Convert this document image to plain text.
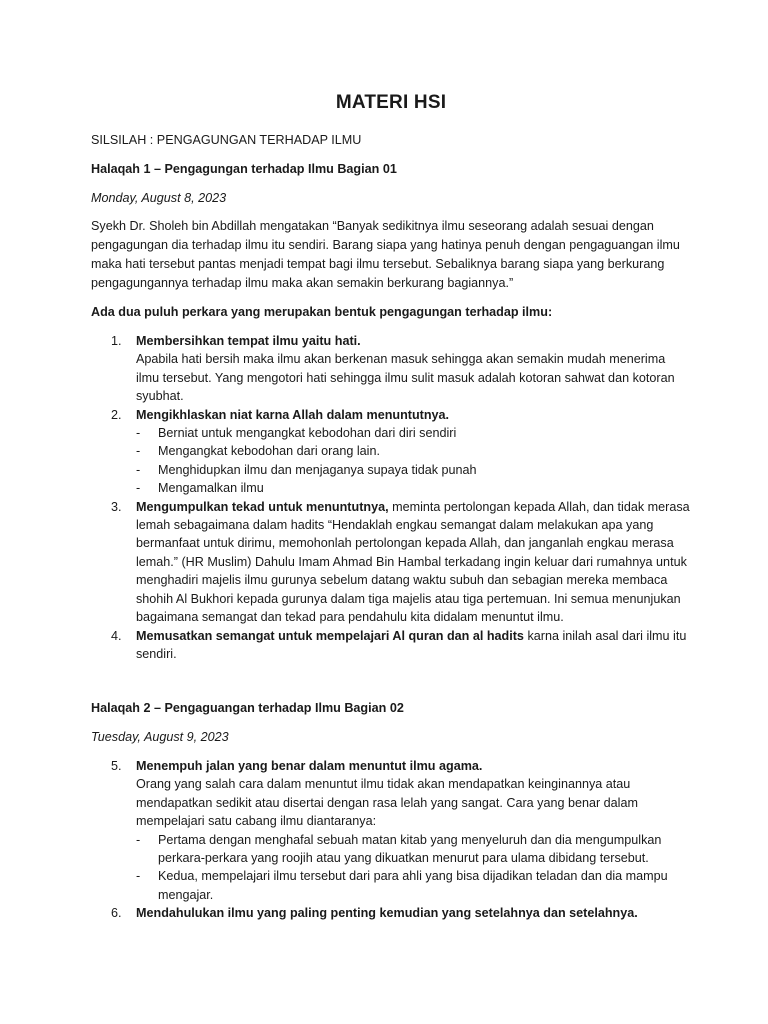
MATERI HSI

SILSILAH : PENGAGUNGAN TERHADAP ILMU

Halaqah 1 – Pengagungan terhadap Ilmu Bagian 01

Monday, August 8, 2023

Syekh Dr. Sholeh bin Abdillah mengatakan “Banyak sedikitnya ilmu seseorang adalah sesuai dengan pengagungan dia terhadap ilmu itu sendiri. Barang siapa yang hatinya penuh dengan pengaguangan ilmu maka hati tersebut pantas menjadi tempat bagi ilmu tersebut. Sebaliknya barang siapa yang berkurang pengagungannya terhadap ilmu maka akan semakin berkurang bagiannya.”

Ada dua puluh perkara yang merupakan bentuk pengagungan terhadap ilmu:

1. Membersihkan tempat ilmu yaitu hati.
Apabila hati bersih maka ilmu akan berkenan masuk sehingga akan semakin mudah menerima ilmu tersebut. Yang mengotori hati sehingga ilmu sulit masuk adalah kotoran sahwat dan kotoran syubhat.
2. Mengikhlaskan niat karna Allah dalam menuntutnya.
- Berniat untuk mengangkat kebodohan dari diri sendiri
- Mengangkat kebodohan dari orang lain.
- Menghidupkan ilmu dan menjaganya supaya tidak punah
- Mengamalkan ilmu
3. Mengumpulkan tekad untuk menuntutnya, meminta pertolongan kepada Allah, dan tidak merasa lemah sebagaimana dalam hadits “Hendaklah engkau semangat dalam melakukan apa yang bermanfaat untuk dirimu, memohonlah pertolongan kepada Allah, dan janganlah engkau merasa lemah.” (HR Muslim) Dahulu Imam Ahmad Bin Hambal terkadang ingin keluar dari rumahnya untuk menghadiri majelis ilmu gurunya sebelum datang waktu subuh dan sebagian mereka membaca shohih Al Bukhori kepada gurunya dalam tiga majelis atau tiga pertemuan. Ini semua menunjukan bagaimana semangat dan tekad para pendahulu kita didalam menuntut ilmu.
4. Memusatkan semangat untuk mempelajari Al quran dan al hadits karna inilah asal dari ilmu itu sendiri.

Halaqah 2 – Pengaguangan terhadap Ilmu Bagian 02

Tuesday, August 9, 2023

5. Menempuh jalan yang benar dalam menuntut ilmu agama.
Orang yang salah cara dalam menuntut ilmu tidak akan mendapatkan keinginannya atau mendapatkan sedikit atau disertai dengan rasa lelah yang sangat. Cara yang benar dalam mempelajari satu cabang ilmu diantaranya:
- Pertama dengan menghafal sebuah matan kitab yang menyeluruh dan dia mengumpulkan perkara-perkara yang roojih atau yang dikuatkan menurut para ulama dibidang tersebut.
- Kedua, mempelajari ilmu tersebut dari para ahli yang bisa dijadikan teladan dan dia mampu mengajar.
6. Mendahulukan ilmu yang paling penting kemudian yang setelahnya dan setelahnya.
